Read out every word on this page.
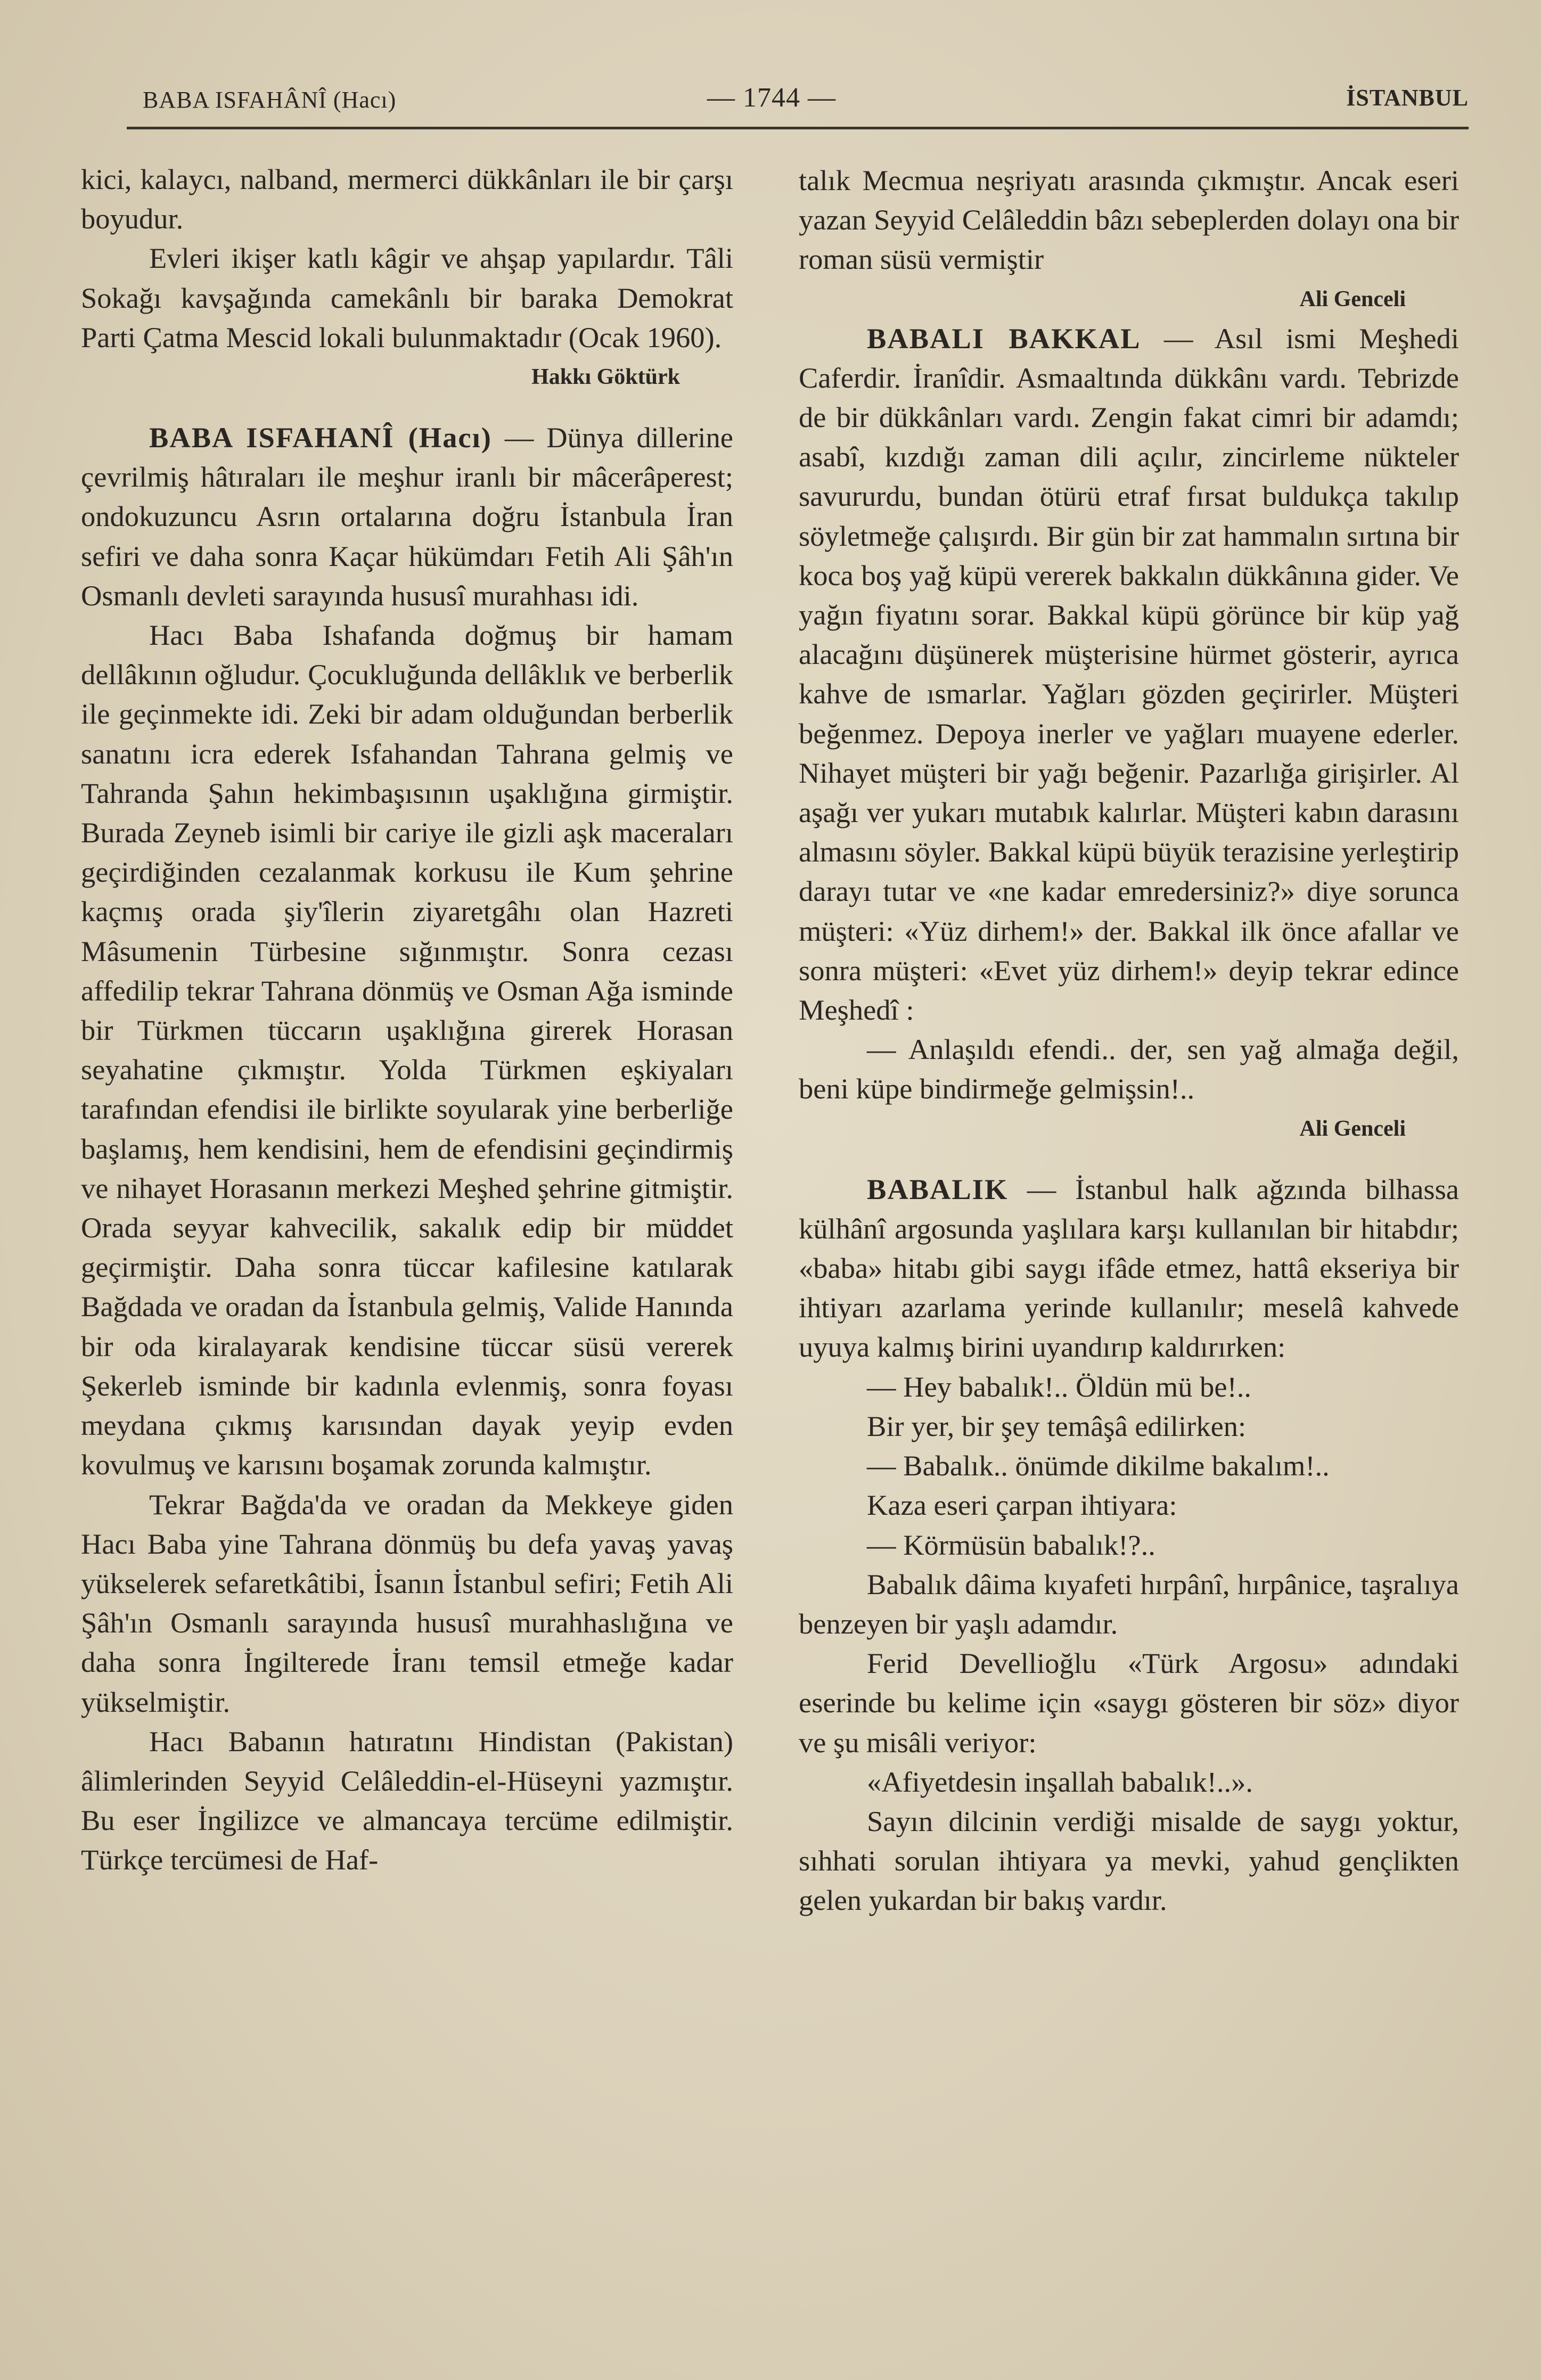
BABA ISFAHÂNÎ (Hacı)	— 1744 —	İSTANBUL

kici, kalaycı, nalband, mermerci dükkânları ile bir çarşı boyudur.

Evleri ikişer katlı kâgir ve ahşap yapılardır. Tâli Sokağı kavşağında camekânlı bir baraka Demokrat Parti Çatma Mescid lokali bulunmaktadır (Ocak 1960).

Hakkı Göktürk

BABA ISFAHANÎ (Hacı) — Dünya dillerine çevrilmiş hâtıraları ile meşhur iranlı bir mâcerâperest; ondokuzuncu Asrın ortalarına doğru İstanbula İran sefiri ve daha sonra Kaçar hükümdarı Fetih Ali Şâh'ın Osmanlı devleti sarayında hususî murahhası idi.

Hacı Baba Ishafanda doğmuş bir hamam dellâkının oğludur. Çocukluğunda dellâklık ve berberlik ile geçinmekte idi. Zeki bir adam olduğundan berberlik sanatını icra ederek Isfahandan Tahrana gelmiş ve Tahranda Şahın hekimbaşısının uşaklığına girmiştir. Burada Zeyneb isimli bir cariye ile gizli aşk maceraları geçirdiğinden cezalanmak korkusu ile Kum şehrine kaçmış orada şiy'îlerin ziyaretgâhı olan Hazreti Mâsumenin Türbesine sığınmıştır. Sonra cezası affedilip tekrar Tahrana dönmüş ve Osman Ağa isminde bir Türkmen tüccarın uşaklığına girerek Horasan seyahatine çıkmıştır. Yolda Türkmen eşkiyaları tarafından efendisi ile birlikte soyularak yine berberliğe başlamış, hem kendisini, hem de efendisini geçindirmiş ve nihayet Horasanın merkezi Meşhed şehrine gitmiştir. Orada seyyar kahvecilik, sakalık edip bir müddet geçirmiştir. Daha sonra tüccar kafilesine katılarak Bağdada ve oradan da İstanbula gelmiş, Valide Hanında bir oda kiralayarak kendisine tüccar süsü vererek Şekerleb isminde bir kadınla evlenmiş, sonra foyası meydana çıkmış karısından dayak yeyip evden kovulmuş ve karısını boşamak zorunda kalmıştır.

Tekrar Bağda'da ve oradan da Mekkeye giden Hacı Baba yine Tahrana dönmüş bu defa yavaş yavaş yükselerek sefaretkâtibi, İsanın İstanbul sefiri; Fetih Ali Şâh'ın Osmanlı sarayında hususî murahhaslığına ve daha sonra İngilterede İranı temsil etmeğe kadar yükselmiştir.

Hacı Babanın hatıratını Hindistan (Pakistan) âlimlerinden Seyyid Celâleddin-el-Hüseyni yazmıştır. Bu eser İngilizce ve almancaya tercüme edilmiştir. Türkçe tercümesi de Haf-

talık Mecmua neşriyatı arasında çıkmıştır. Ancak eseri yazan Seyyid Celâleddin bâzı sebeplerden dolayı ona bir roman süsü vermiştir

Ali Genceli

BABALI BAKKAL — Asıl ismi Meşhedi Caferdir. İranîdir. Asmaaltında dükkânı vardı. Tebrizde de bir dükkânları vardı. Zengin fakat cimri bir adamdı; asabî, kızdığı zaman dili açılır, zincirleme nükteler savururdu, bundan ötürü etraf fırsat buldukça takılıp söyletmeğe çalışırdı. Bir gün bir zat hammalın sırtına bir koca boş yağ küpü vererek bakkalın dükkânına gider. Ve yağın fiyatını sorar. Bakkal küpü görünce bir küp yağ alacağını düşünerek müşterisine hürmet gösterir, ayrıca kahve de ısmarlar. Yağları gözden geçirirler. Müşteri beğenmez. Depoya inerler ve yağları muayene ederler. Nihayet müşteri bir yağı beğenir. Pazarlığa girişirler. Al aşağı ver yukarı mutabık kalırlar. Müşteri kabın darasını almasını söyler. Bakkal küpü büyük terazisine yerleştirip darayı tutar ve «ne kadar emredersiniz?» diye sorunca müşteri: «Yüz dirhem!» der. Bakkal ilk önce afallar ve sonra müşteri: «Evet yüz dirhem!» deyip tekrar edince Meşhedî :

— Anlaşıldı efendi.. der, sen yağ almağa değil, beni küpe bindirmeğe gelmişsin!..

Ali Genceli

BABALIK — İstanbul halk ağzında bilhassa külhânî argosunda yaşlılara karşı kullanılan bir hitabdır; «baba» hitabı gibi saygı ifâde etmez, hattâ ekseriya bir ihtiyarı azarlama yerinde kullanılır; meselâ kahvede uyuya kalmış birini uyandırıp kaldırırken:

— Hey babalık!.. Öldün mü be!..

Bir yer, bir şey temâşâ edilirken:

— Babalık.. önümde dikilme bakalım!..

Kaza eseri çarpan ihtiyara:

— Körmüsün babalık!?..

Babalık dâima kıyafeti hırpânî, hırpânice, taşralıya benzeyen bir yaşlı adamdır.

Ferid Devellioğlu «Türk Argosu» adındaki eserinde bu kelime için «saygı gösteren bir söz» diyor ve şu misâli veriyor:

«Afiyetdesin inşallah babalık!..».

Sayın dilcinin verdiği misalde de saygı yoktur, sıhhati sorulan ihtiyara ya mevki, yahud gençlikten gelen yukardan bir bakış vardır.
